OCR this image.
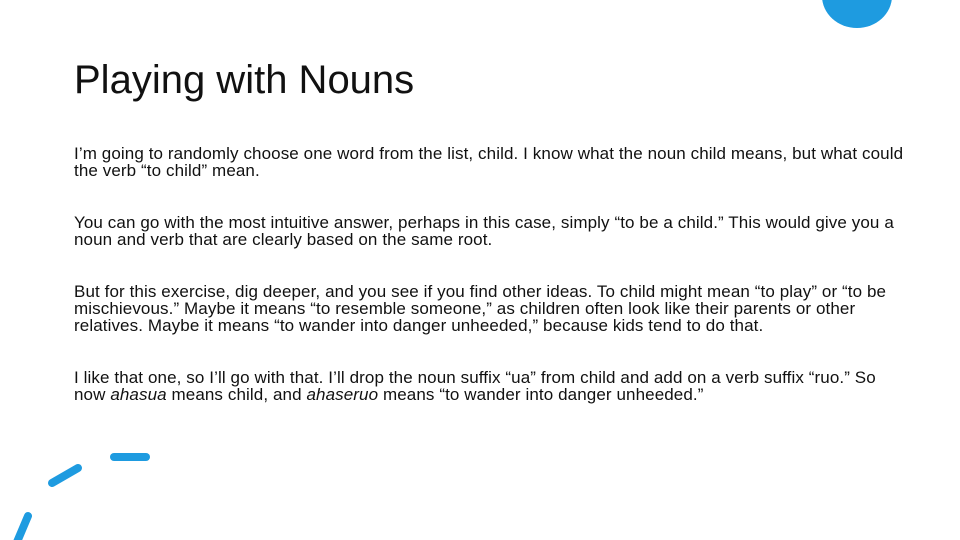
Playing with Nouns

I’m going to randomly choose one word from the list, child. I know what the noun child means, but what could the verb “to child” mean.

You can go with the most intuitive answer, perhaps in this case, simply “to be a child.” This would give you a noun and verb that are clearly based on the same root.

But for this exercise, dig deeper, and you see if you find other ideas. To child might mean “to play” or “to be mischievous.” Maybe it means “to resemble someone,” as children often look like their parents or other relatives. Maybe it means “to wander into danger unheeded,” because kids tend to do that.

I like that one, so I’ll go with that. I’ll drop the noun suffix “ua” from child and add on a verb suffix “ruo.” So now ahasua means child, and ahaseruo means “to wander into danger unheeded.”
